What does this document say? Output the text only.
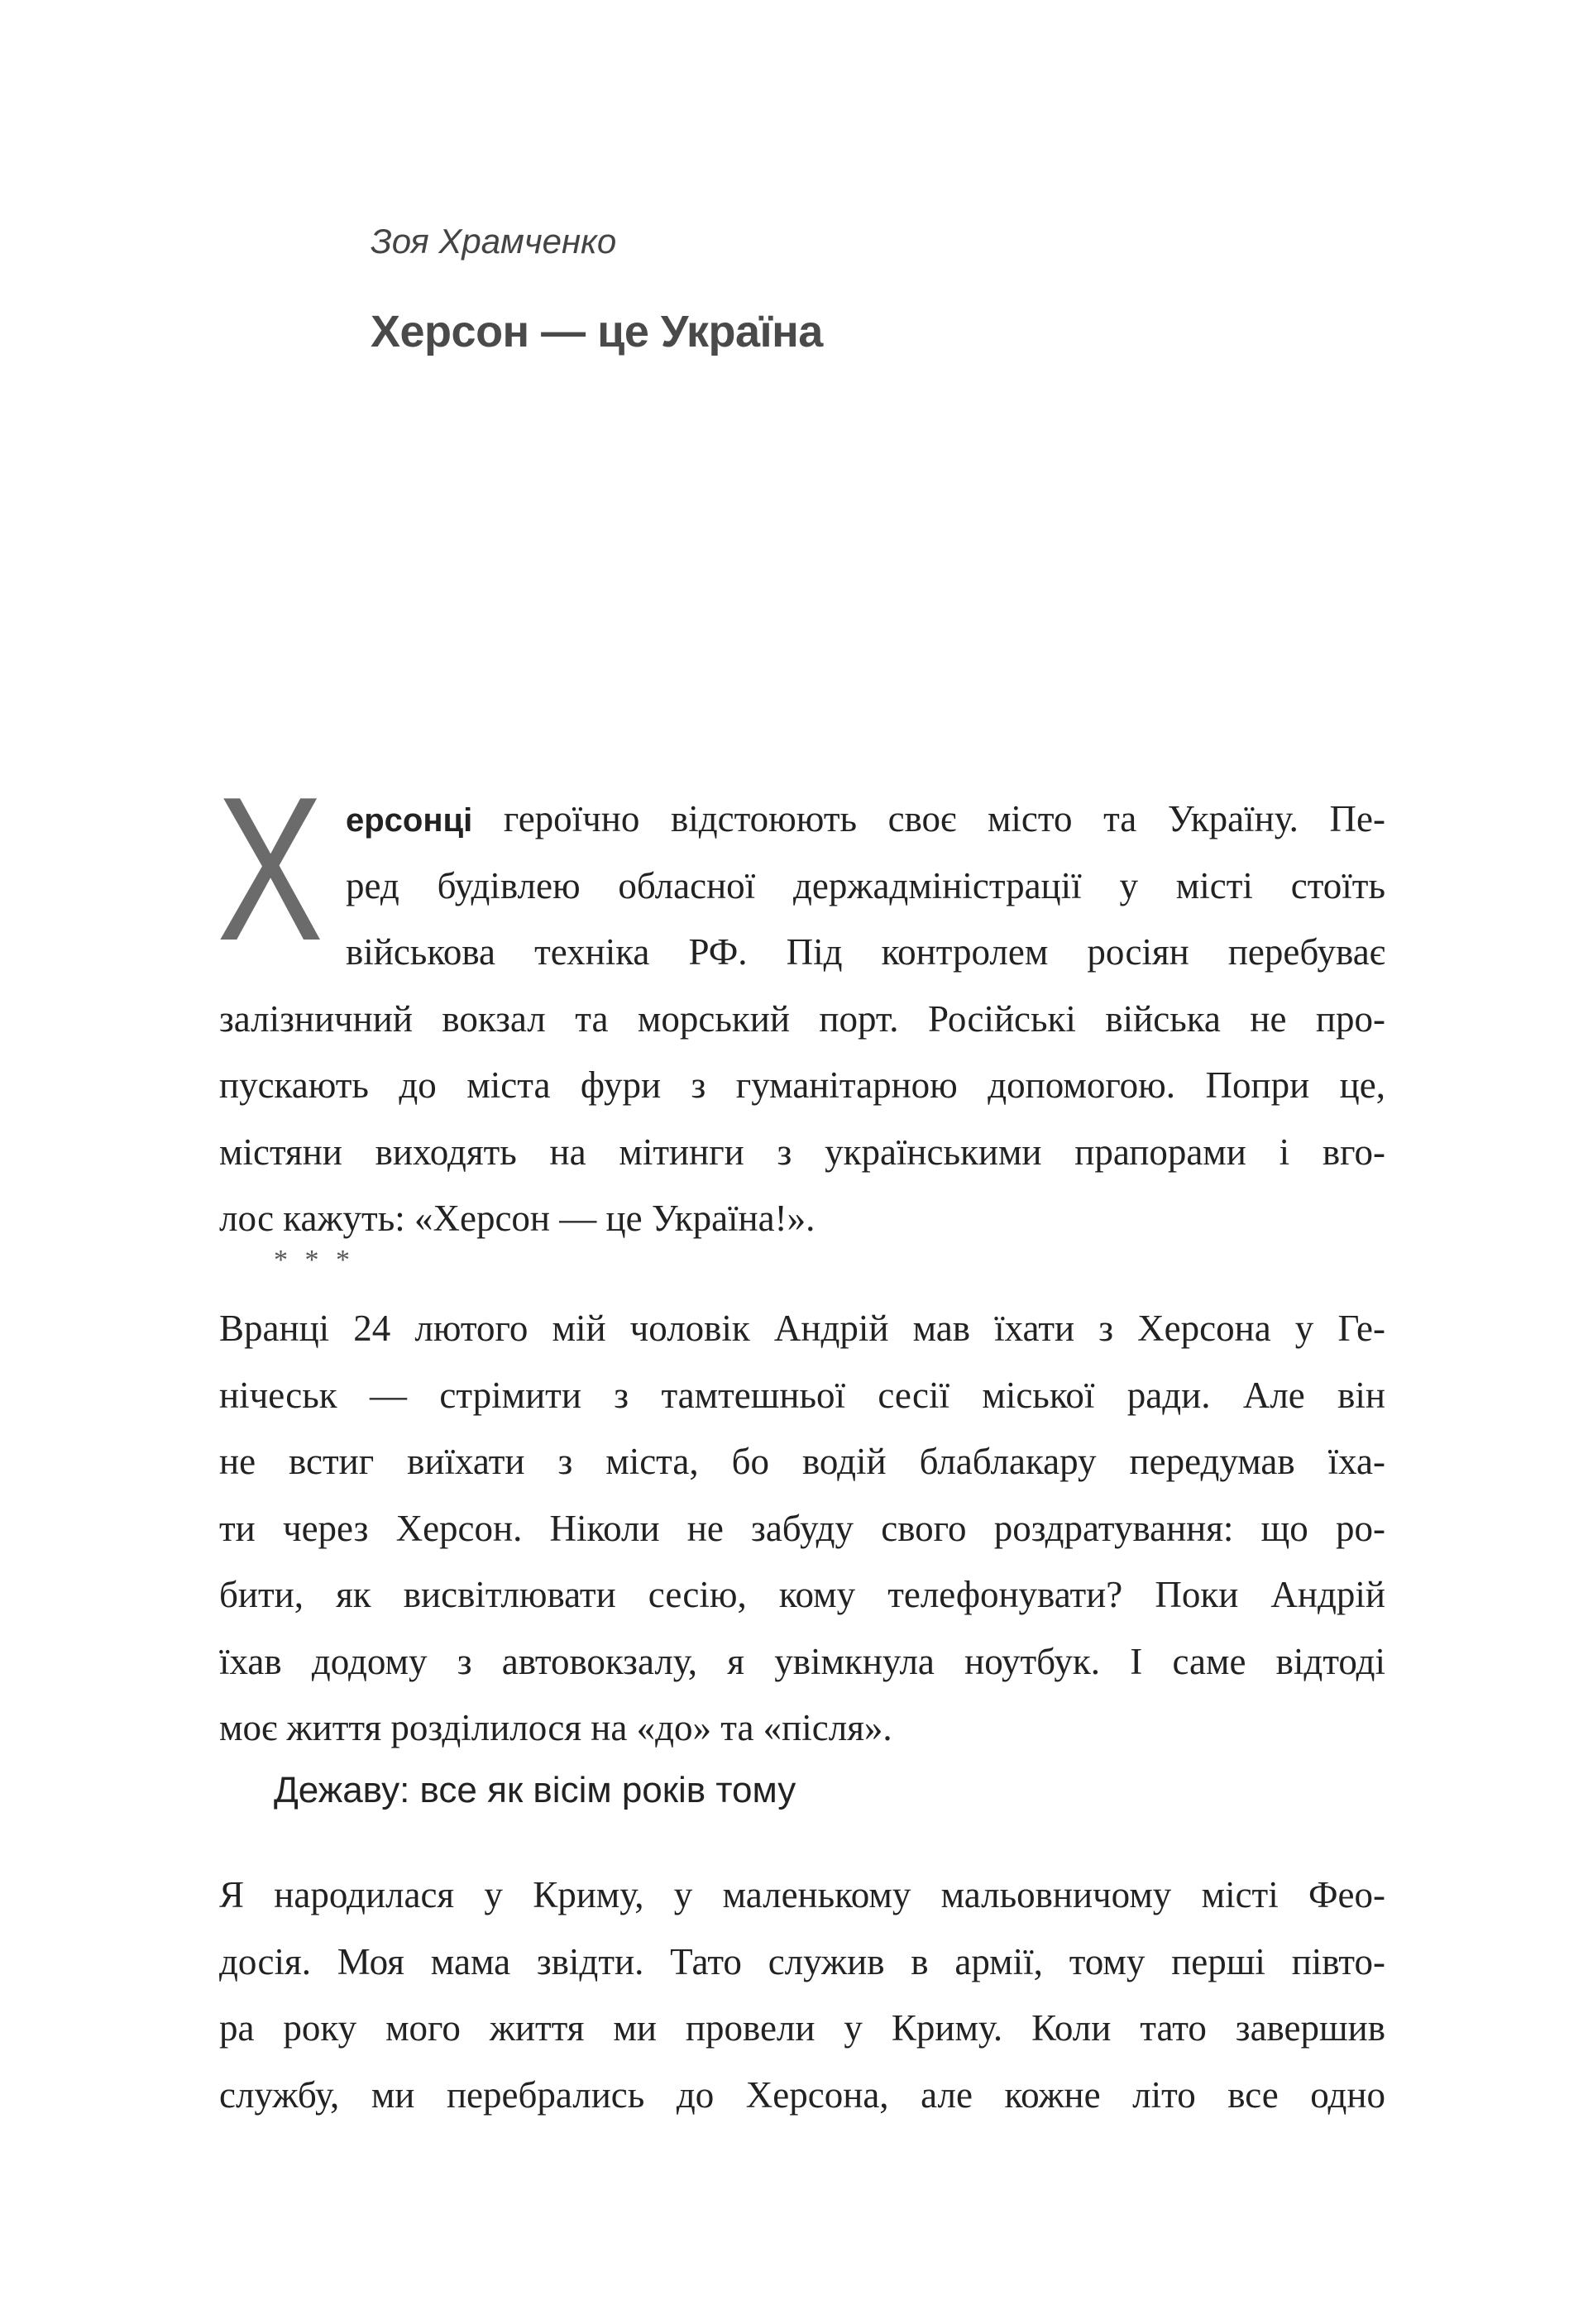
Зоя Храмченко
Херсон — це Україна
Х ерсонці героїчно відстоюють своє місто та Україну. Пе-
ред будівлею обласної держадміністрації у місті стоїть
військова техніка РФ. Під контролем росіян перебуває
залізничний вокзал та морський порт. Російські війська не про-
пускають до міста фури з гуманітарною допомогою. Попри це,
містяни виходять на мітинги з українськими прапорами і вго-
лос кажуть: «Херсон — це Україна!».
* * *
Вранці 24 лютого мій чоловік Андрій мав їхати з Херсона у Ге-
нічеськ — стрімити з тамтешньої сесії міської ради. Але він
не встиг виїхати з міста, бо водій блаблакару передумав їха-
ти через Херсон. Ніколи не забуду свого роздратування: що ро-
бити, як висвітлювати сесію, кому телефонувати? Поки Андрій
їхав додому з автовокзалу, я увімкнула ноутбук. І саме відтоді
моє життя розділилося на «до» та «після».
Дежаву: все як вісім років тому
Я народилася у Криму, у маленькому мальовничому місті Фео-
досія. Моя мама звідти. Тато служив в армії, тому перші півто-
ра року мого життя ми провели у Криму. Коли тато завершив
службу, ми перебрались до Херсона, але кожне літо все одно
